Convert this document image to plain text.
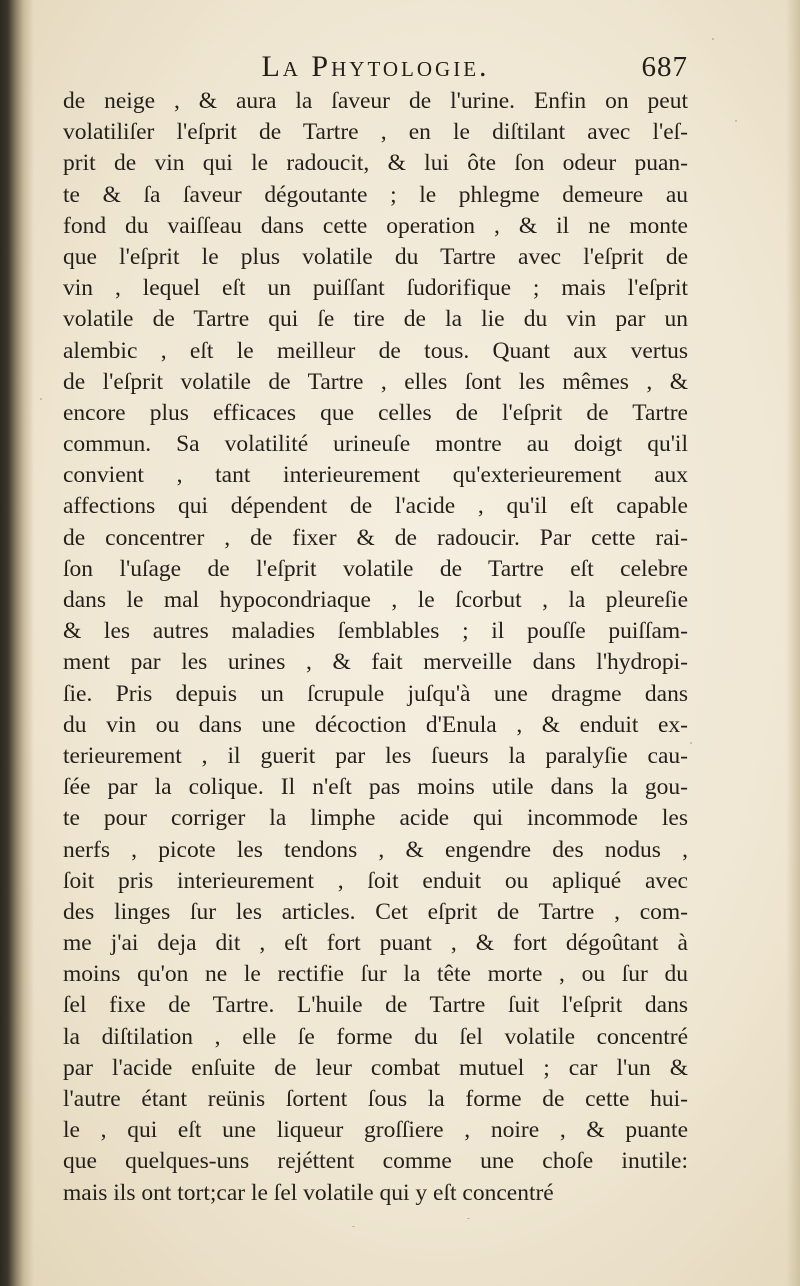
La Phytologie.	687
de neige , & aura la ſaveur de l'urine. Enfin on peut
volatiliſer l'eſprit de Tartre , en le diſtilant avec l'eſ-
prit de vin qui le radoucit, & lui ôte ſon odeur puan-
te & ſa ſaveur dégoutante ; le phlegme demeure au
fond du vaiſſeau dans cette operation , & il ne monte
que l'eſprit le plus volatile du Tartre avec l'eſprit de
vin , lequel eſt un puiſſant ſudorifique ; mais l'eſprit
volatile de Tartre qui ſe tire de la lie du vin par un
alembic , eſt le meilleur de tous. Quant aux vertus
de l'eſprit volatile de Tartre , elles ſont les mêmes , &
encore plus efficaces que celles de l'eſprit de Tartre
commun. Sa volatilité urineuſe montre au doigt qu'il
convient , tant interieurement qu'exterieurement aux
affections qui dépendent de l'acide , qu'il eſt capable
de concentrer , de fixer & de radoucir. Par cette rai-
ſon l'uſage de l'eſprit volatile de Tartre eſt celebre
dans le mal hypocondriaque , le ſcorbut , la pleureſie
& les autres maladies ſemblables ; il pouſſe puiſſam-
ment par les urines , & fait merveille dans l'hydropi-
ſie. Pris depuis un ſcrupule juſqu'à une dragme dans
du vin ou dans une décoction d'Enula , & enduit ex-
terieurement , il guerit par les ſueurs la paralyſie cau-
ſée par la colique. Il n'eſt pas moins utile dans la gou-
te pour corriger la limphe acide qui incommode les
nerfs , picote les tendons , & engendre des nodus ,
ſoit pris interieurement , ſoit enduit ou apliqué avec
des linges ſur les articles. Cet eſprit de Tartre , com-
me j'ai deja dit , eſt fort puant , & fort dégoûtant à
moins qu'on ne le rectifie ſur la tête morte , ou ſur du
ſel fixe de Tartre. L'huile de Tartre ſuit l'eſprit dans
la diſtilation , elle ſe forme du ſel volatile concentré
par l'acide enſuite de leur combat mutuel ; car l'un &
l'autre étant reünis ſortent ſous la forme de cette hui-
le , qui eſt une liqueur groſſiere , noire , & puante
que quelques-uns rejéttent comme une choſe inutile:
mais ils ont tort;car le ſel volatile qui y eſt concentré
